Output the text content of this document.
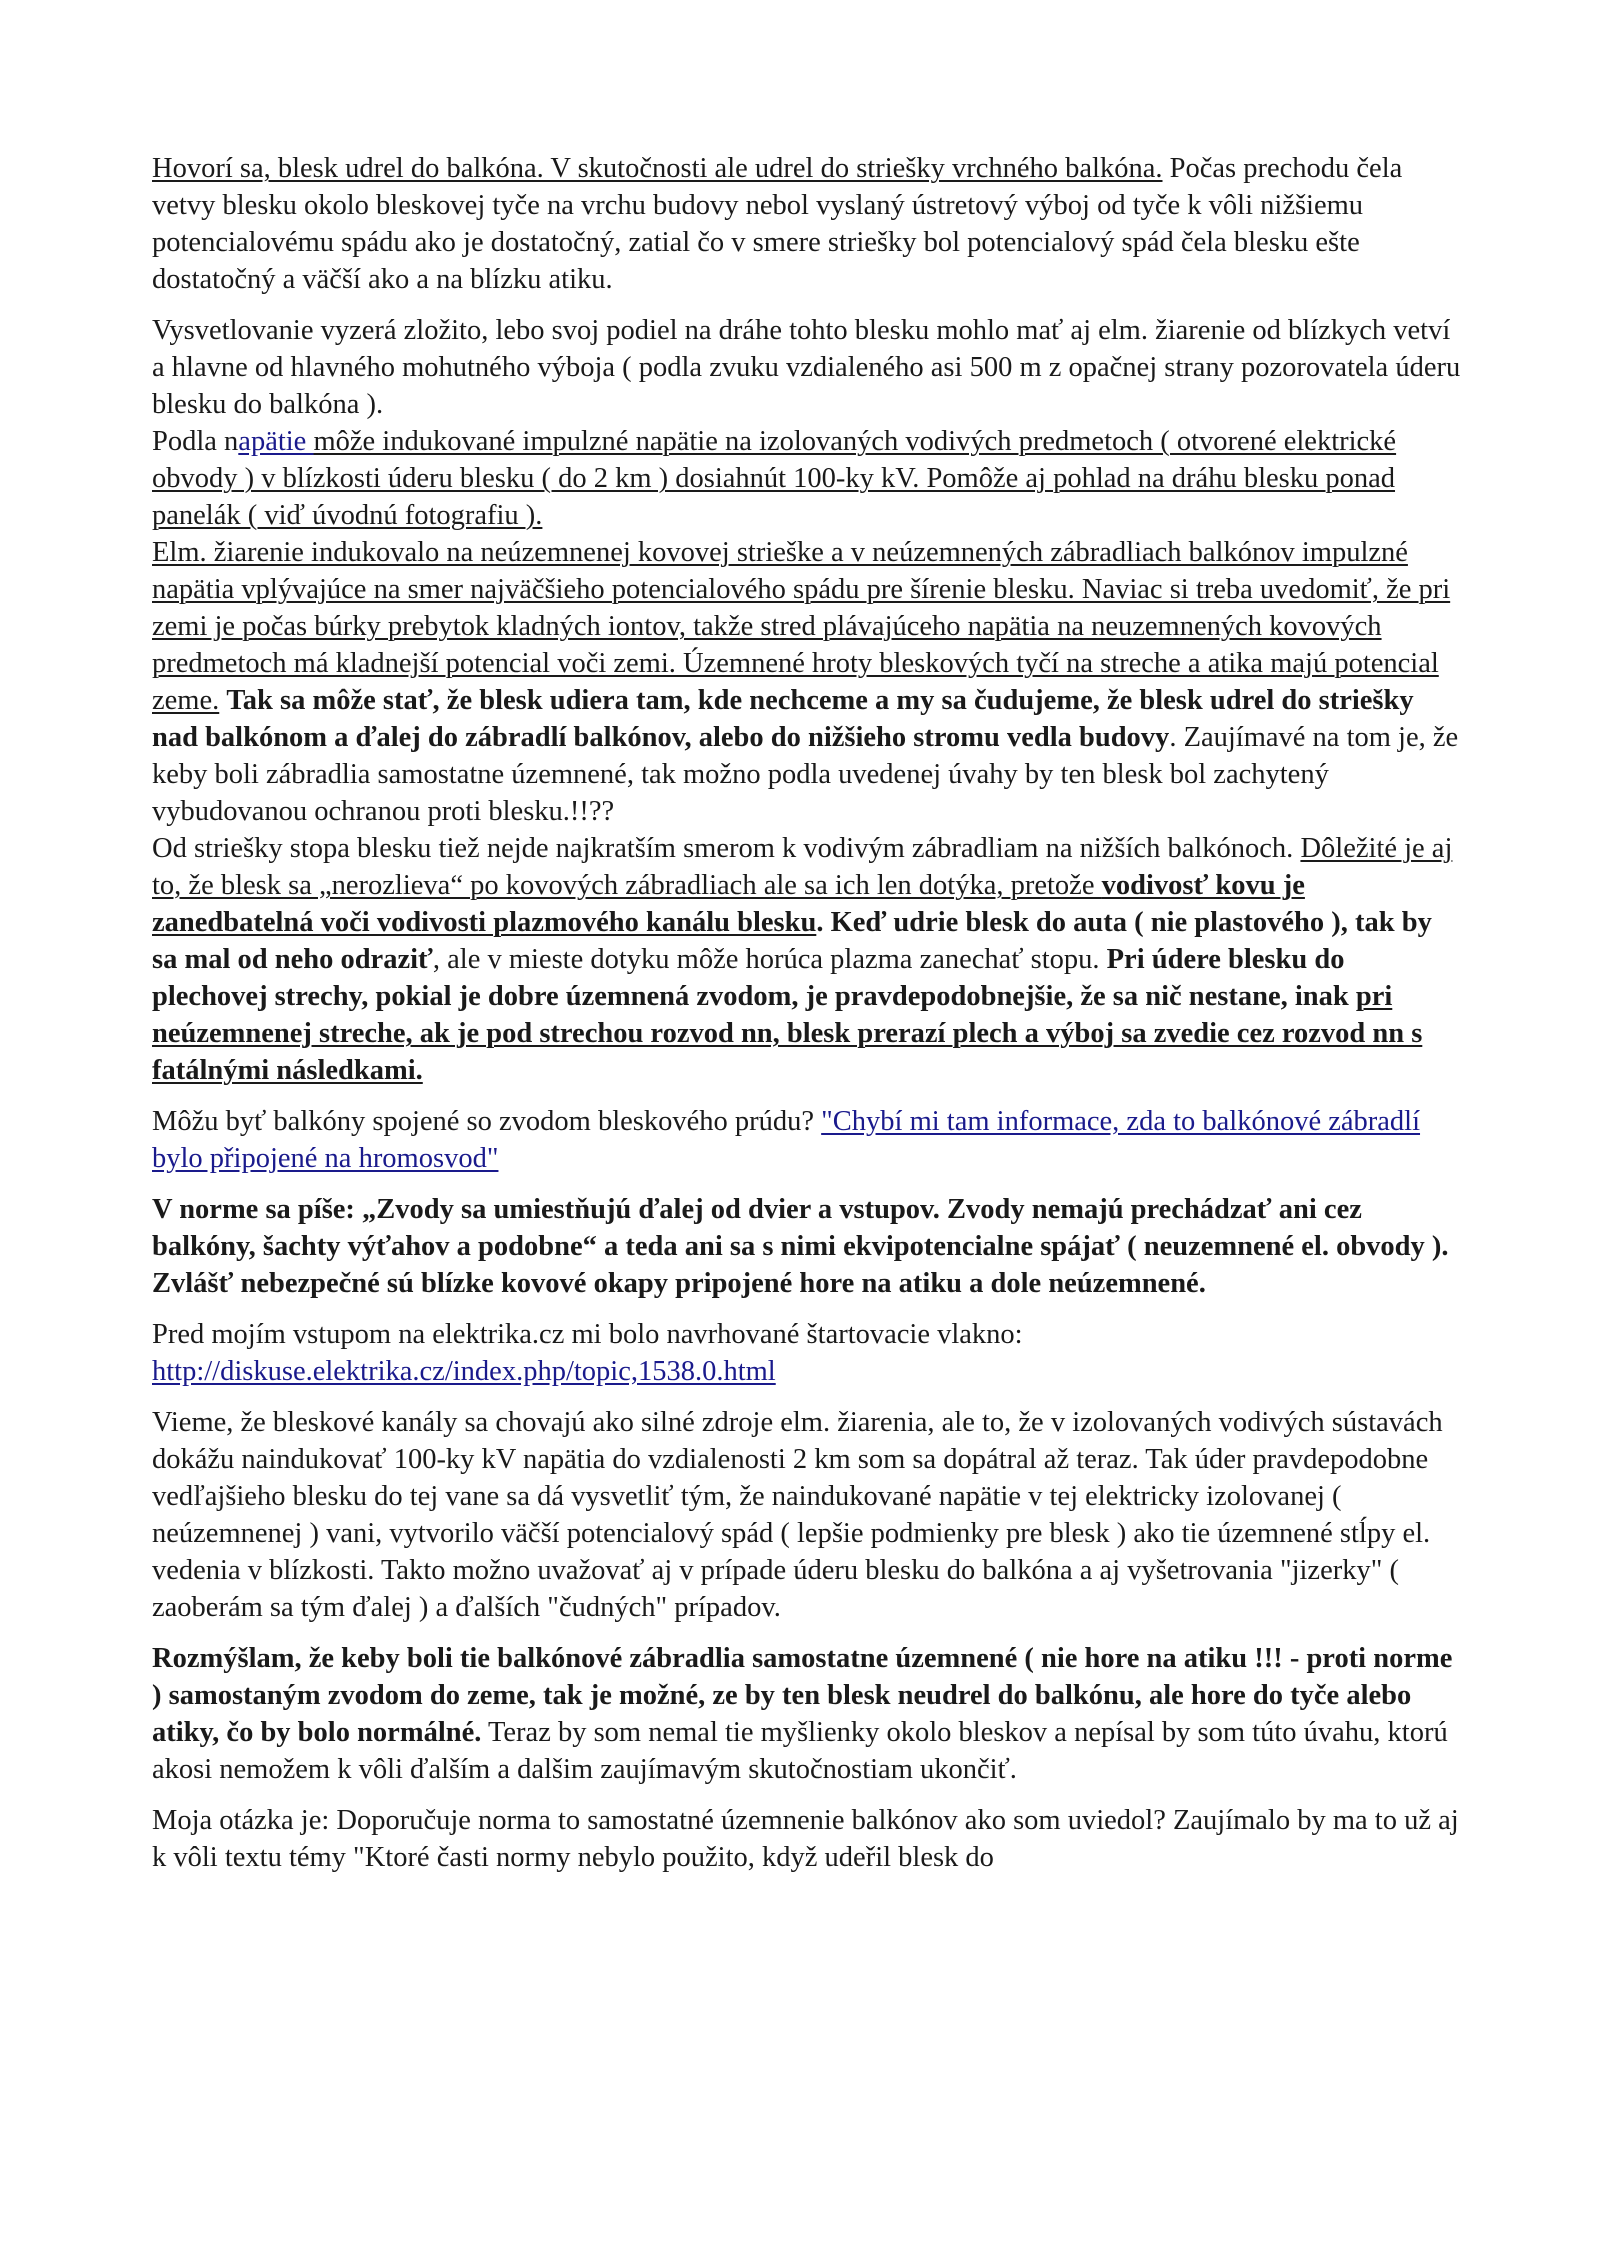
Hovorí sa, blesk udrel do balkóna. V skutočnosti ale udrel do striešky vrchného balkóna. Počas prechodu čela vetvy blesku okolo bleskovej tyče na vrchu budovy nebol vyslaný ústretový výboj od tyče k vôli nižšiemu potencialovému spádu ako je dostatočný, zatial čo v smere striešky bol potencialový spád čela blesku ešte dostatočný a väčší ako a na blízku atiku.

Vysvetlovanie vyzerá zložito, lebo svoj podiel na dráhe tohto blesku mohlo mať aj elm. žiarenie od blízkych vetví a hlavne od hlavného mohutného výboja ( podla zvuku vzdialeného asi 500 m z opačnej strany pozorovatela úderu blesku do balkóna ).
Podla napätie môže indukované impulzné napätie na izolovaných vodivých predmetoch ( otvorené elektrické obvody ) v blízkosti úderu blesku ( do 2 km ) dosiahnút 100-ky kV. Pomôže aj pohlad na dráhu blesku ponad panelák ( viď úvodnú fotografiu ).
Elm. žiarenie indukovalo na neúzemnenej kovovej strieške a v neúzemnených zábradliach balkónov impulzné napätia vplývajúce na smer najväčšieho potencialového spádu pre šírenie blesku. Naviac si treba uvedomiť, že pri zemi je počas búrky prebytok kladných iontov, takže stred plávajúceho napätia na neuzemnených kovových predmetoch má kladnejší potencial voči zemi. Územnené hroty bleskových tyčí na streche a atika majú potencial zeme. Tak sa môže stať, že blesk udiera tam, kde nechceme a my sa čudujeme, že blesk udrel do striešky nad balkónom a ďalej do zábradlí balkónov, alebo do nižšieho stromu vedla budovy. Zaujímavé na tom je, že keby boli zábradlia samostatne územnené, tak možno podla uvedenej úvahy by ten blesk bol zachytený vybudovanou ochranou proti blesku.!!??
Od striešky stopa blesku tiež nejde najkratším smerom k vodivým zábradliam na nižších balkónoch. Dôležité je aj to, že blesk sa „nerozlieva“ po kovových zábradliach ale sa ich len dotýka, pretože vodivosť kovu je zanedbatelná voči vodivosti plazmového kanálu blesku. Keď udrie blesk do auta ( nie plastového ), tak by sa mal od neho odraziť, ale v mieste dotyku môže horúca plazma zanechať stopu. Pri údere blesku do plechovej strechy, pokial je dobre územnená zvodom, je pravdepodobnejšie, že sa nič nestane, inak pri neúzemnenej streche, ak je pod strechou rozvod nn, blesk prerazí plech a výboj sa zvedie cez rozvod nn s fatálnými následkami.

Môžu byť balkóny spojené so zvodom bleskového prúdu? "Chybí mi tam informace, zda to balkónové zábradlí bylo připojené na hromosvod"

V norme sa píše: „Zvody sa umiestňujú ďalej od dvier a vstupov. Zvody nemajú prechádzať ani cez balkóny, šachty výťahov a podobne“ a teda ani sa s nimi ekvipotencialne spájať ( neuzemnené el. obvody ). Zvlášť nebezpečné sú blízke kovové okapy pripojené hore na atiku a dole neúzemnené.

Pred mojím vstupom na elektrika.cz mi bolo navrhované štartovacie vlakno:
http://diskuse.elektrika.cz/index.php/topic,1538.0.html

Vieme, že bleskové kanály sa chovajú ako silné zdroje elm. žiarenia, ale to, že v izolovaných vodivých sústavách dokážu naindukovať 100-ky kV napätia do vzdialenosti 2 km som sa dopátral až teraz. Tak úder pravdepodobne vedľajšieho blesku do tej vane sa dá vysvetliť tým, že naindukované napätie v tej elektricky izolovanej ( neúzemnenej ) vani, vytvorilo väčší potencialový spád ( lepšie podmienky pre blesk ) ako tie územnené stĺpy el. vedenia v blízkosti. Takto možno uvažovať aj v prípade úderu blesku do balkóna a aj vyšetrovania "jizerky" ( zaoberám sa tým ďalej ) a ďalších "čudných" prípadov.

Rozmýšlam, že keby boli tie balkónové zábradlia samostatne územnené ( nie hore na atiku !!! - proti norme ) samostaným zvodom do zeme, tak je možné, ze by ten blesk neudrel do balkónu, ale hore do tyče alebo atiky, čo by bolo normálné. Teraz by som nemal tie myšlienky okolo bleskov a nepísal by som túto úvahu, ktorú akosi nemožem k vôli ďalším a dalšim zaujímavým skutočnostiam ukončiť.

Moja otázka je: Doporučuje norma to samostatné územnenie balkónov ako som uviedol? Zaujímalo by ma to už aj k vôli textu témy "Ktoré časti normy nebylo použito, když udeřil blesk do
